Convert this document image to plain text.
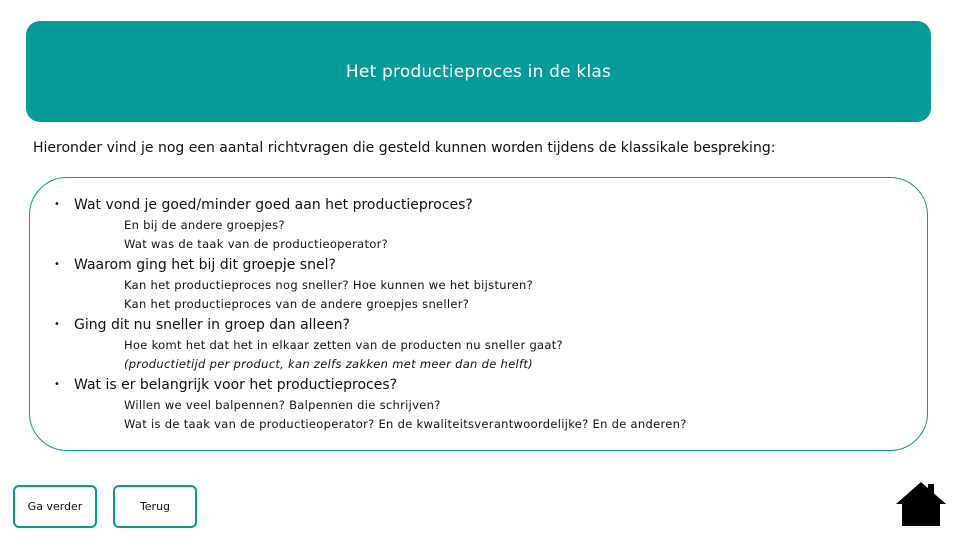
Het productieproces in de klas
Hieronder vind je nog een aantal richtvragen die gesteld kunnen worden tijdens de klassikale bespreking:
• Wat vond je goed/minder goed aan het productieproces?
En bij de andere groepjes?
Wat was de taak van de productieoperator?
• Waarom ging het bij dit groepje snel?
Kan het productieproces nog sneller? Hoe kunnen we het bijsturen?
Kan het productieproces van de andere groepjes sneller?
• Ging dit nu sneller in groep dan alleen?
Hoe komt het dat het in elkaar zetten van de producten nu sneller gaat?
(productietijd per product, kan zelfs zakken met meer dan de helft)
• Wat is er belangrijk voor het productieproces?
Willen we veel balpennen? Balpennen die schrijven?
Wat is de taak van de productieoperator? En de kwaliteitsverantwoordelijke? En de anderen?
Ga verder	Terug
